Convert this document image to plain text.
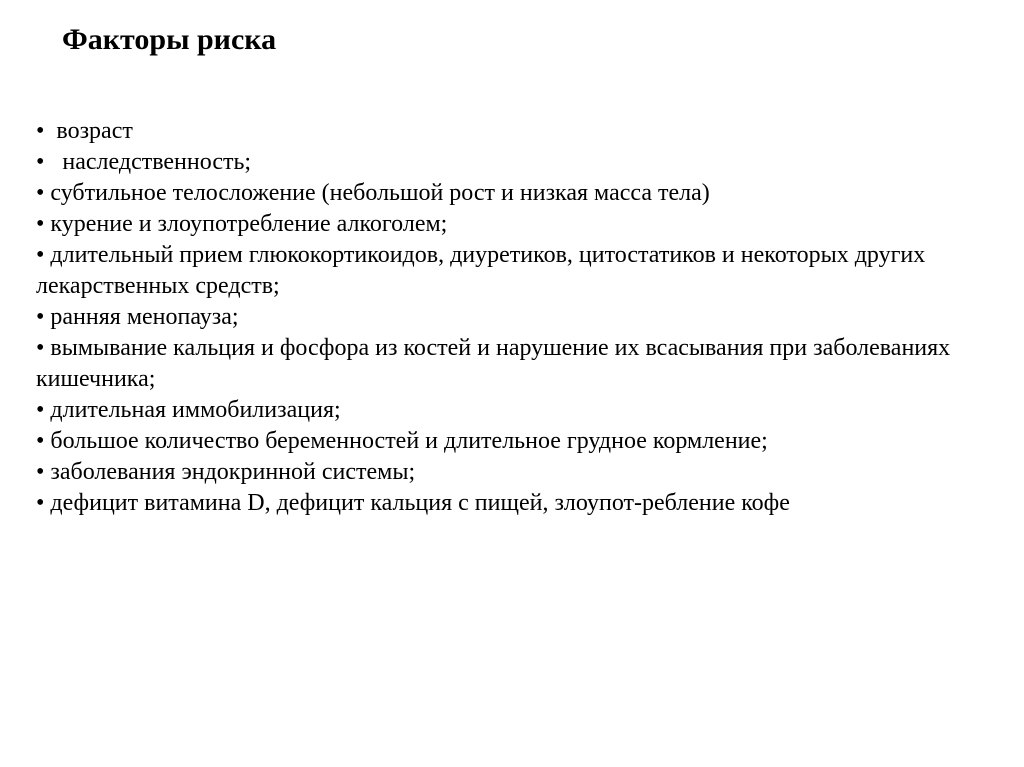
Факторы риска
•  возраст
•   наследственность;
• субтильное телосложение (небольшой рост и низкая масса тела)
• курение и злоупотребление алкоголем;
• длительный прием глюкокортикоидов, диуретиков, цитостатиков и некоторых других лекарственных средств;
• ранняя менопауза;
• вымывание кальция и фосфора из костей и нарушение их всасывания при заболеваниях кишечника;
• длительная иммобилизация;
• большое количество беременностей и длительное грудное кормление;
• заболевания эндокринной системы;
• дефицит витамина D, дефицит кальция с пищей, злоупот-ребление кофе
